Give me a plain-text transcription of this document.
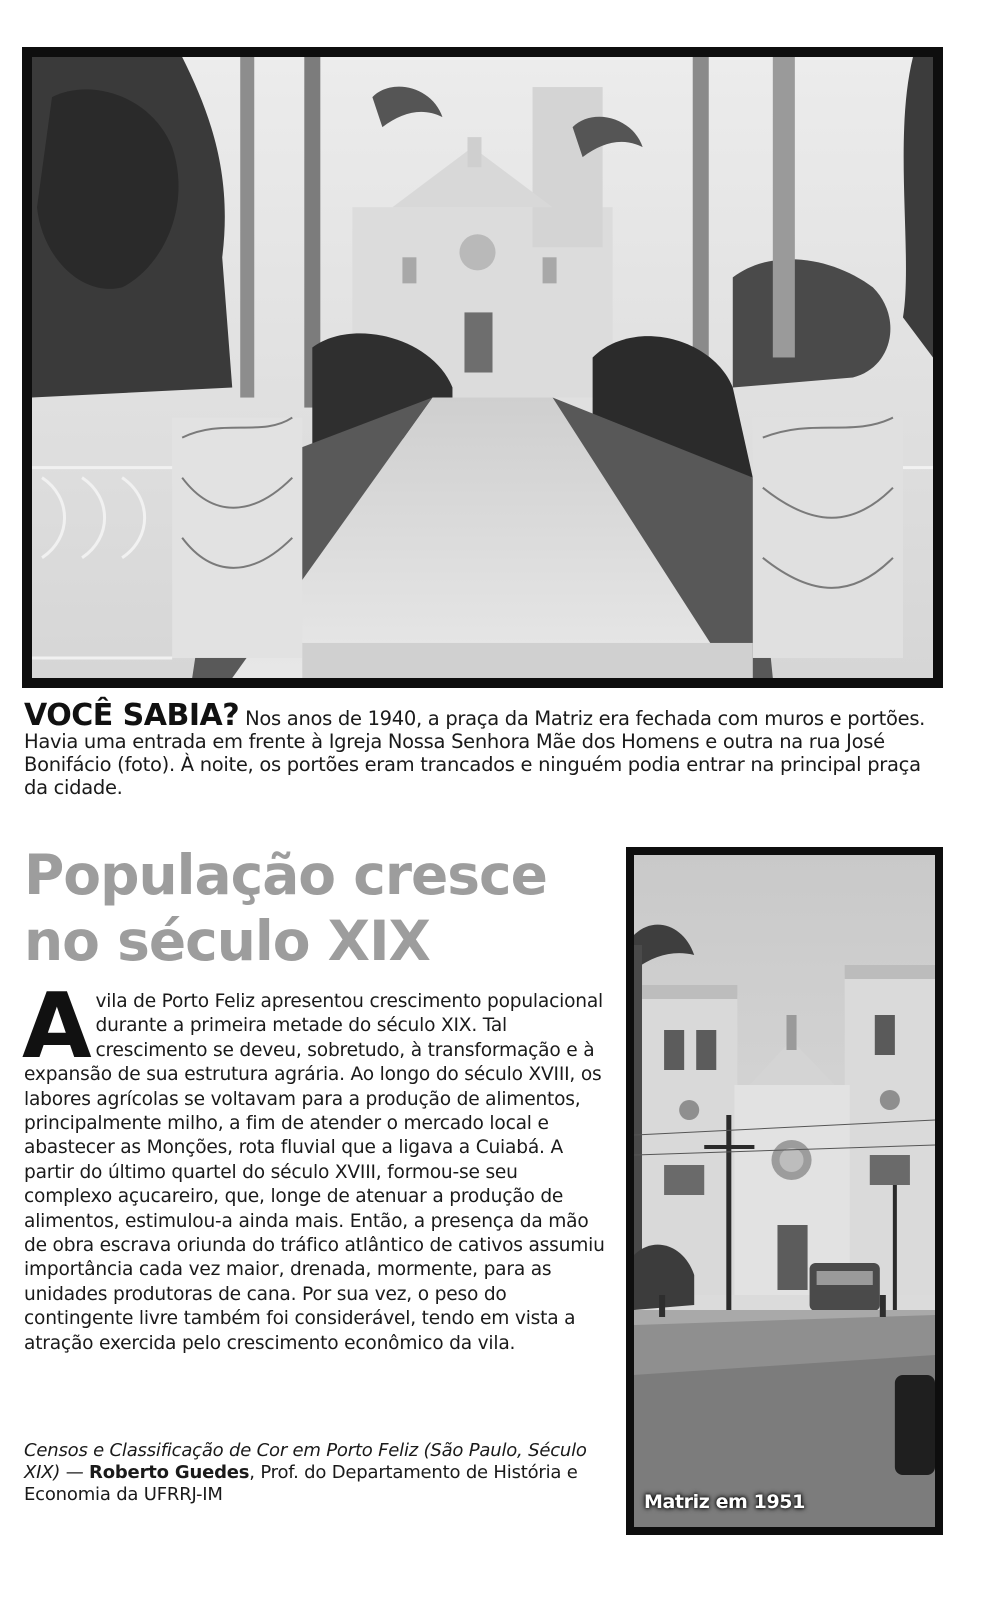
VOCÊ SABIA? Nos anos de 1940, a praça da Matriz era fechada com muros e portões. Havia uma entrada em frente à Igreja Nossa Senhora Mãe dos Homens e outra na rua José Bonifácio (foto). À noite, os portões eram trancados e ninguém podia entrar na principal praça da cidade.
População cresce
no século XIX

Avila de Porto Feliz apresentou crescimento populacional durante a primeira metade do século XIX. Tal crescimento se deveu, sobretudo, à transformação e à expansão de sua estrutura agrária. Ao longo do século XVIII, os labores agrícolas se voltavam para a produção de alimentos, principalmente milho, a fim de atender o mercado local e abastecer as Monções, rota fluvial que a ligava a Cuiabá. A partir do último quartel do século XVIII, formou-se seu complexo açucareiro, que, longe de atenuar a produção de alimentos, estimulou-a ainda mais. Então, a presença da mão de obra escrava oriunda do tráfico atlântico de cativos assumiu importância cada vez maior, drenada, mormente, para as unidades produtoras de cana. Por sua vez, o peso do contingente livre também foi considerável, tendo em vista a atração exercida pelo crescimento econômico da vila.

Censos e Classificação de Cor em Porto Feliz (São Paulo, Século XIX) — Roberto Guedes, Prof. do Departamento de História e Economia da UFRRJ-IM	Matriz em 1951
